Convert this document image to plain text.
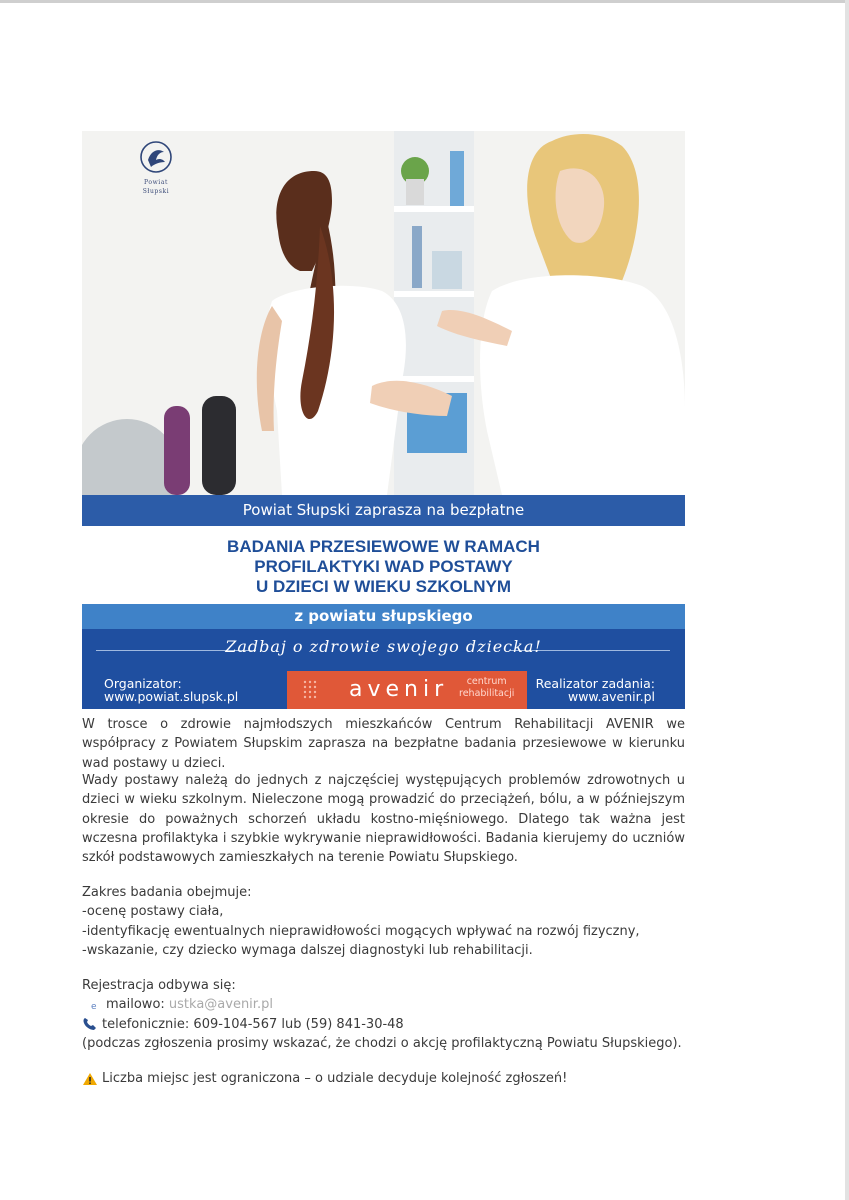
Powiat
Słupski
Powiat Słupski zaprasza na bezpłatne
BADANIA PRZESIEWOWE W RAMACH
PROFILAKTYKI WAD POSTAWY
U DZIECI W WIEKU SZKOLNYM
z powiatu słupskiego
Zadbaj o zdrowie swojego dziecka!
Organizator:
www.powiat.slupsk.pl	avenir	centrum
rehabilitacji
Realizator zadania:
www.avenir.pl
W trosce o zdrowie najmłodszych mieszkańców Centrum Rehabilitacji AVENIR we współpracy z Powiatem Słupskim zaprasza na bezpłatne badania przesiewowe w kierunku wad postawy u dzieci.
Wady postawy należą do jednych z najczęściej występujących problemów zdrowotnych u dzieci w wieku szkolnym. Nieleczone mogą prowadzić do przeciążeń, bólu, a w późniejszym okresie do poważnych schorzeń układu kostno-mięśniowego. Dlatego tak ważna jest wczesna profilaktyka i szybkie wykrywanie nieprawidłowości. Badania kierujemy do uczniów szkół podstawowych zamieszkałych na terenie Powiatu Słupskiego.
Zakres badania obejmuje:
-ocenę postawy ciała,
-identyfikację ewentualnych nieprawidłowości mogących wpływać na rozwój fizyczny,
-wskazanie, czy dziecko wymaga dalszej diagnostyki lub rehabilitacji.
Rejestracja odbywa się:
e mailowo: ustka@avenir.pl
telefonicznie: 609-104-567 lub (59) 841-30-48
(podczas zgłoszenia prosimy wskazać, że chodzi o akcję profilaktyczną Powiatu Słupskiego).
Liczba miejsc jest ograniczona – o udziale decyduje kolejność zgłoszeń!
